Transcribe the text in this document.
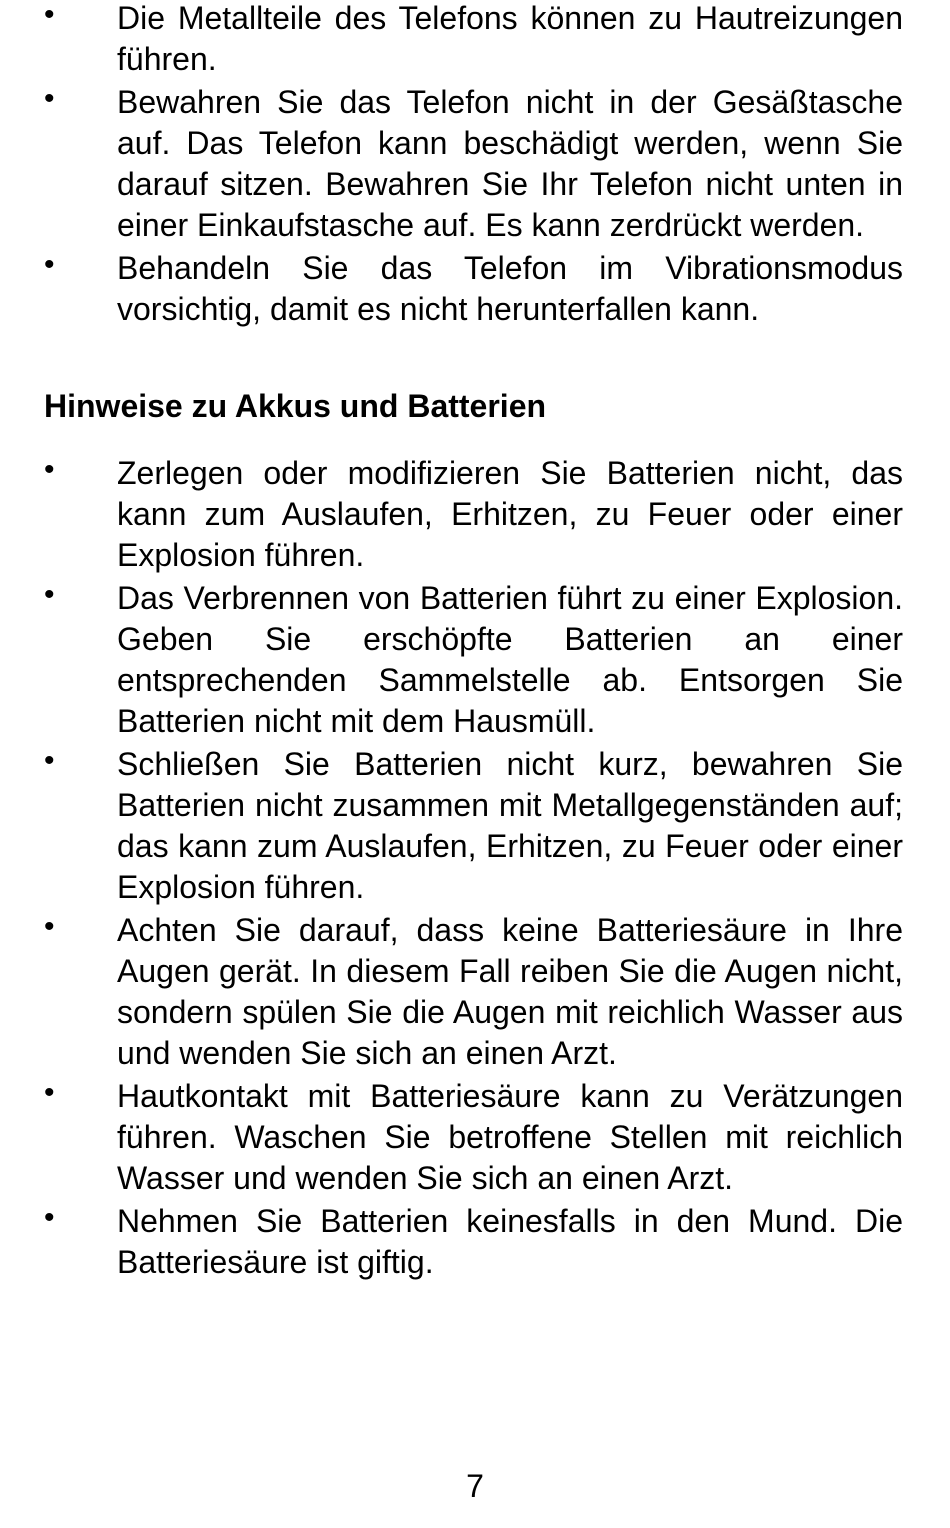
• Die Metallteile des Telefons können zu Hautreizungen führen.
• Bewahren Sie das Telefon nicht in der Gesäßtasche auf. Das Telefon kann beschädigt werden, wenn Sie darauf sitzen. Bewahren Sie Ihr Telefon nicht unten in einer Einkaufstasche auf. Es kann zerdrückt werden.
• Behandeln Sie das Telefon im Vibrationsmodus vorsichtig, damit es nicht herunterfallen kann.
Hinweise zu Akkus und Batterien
• Zerlegen oder modifizieren Sie Batterien nicht, das kann zum Auslaufen, Erhitzen, zu Feuer oder einer Explosion führen.
• Das Verbrennen von Batterien führt zu einer Explosion. Geben Sie erschöpfte Batterien an einer entsprechenden Sammelstelle ab. Entsorgen Sie Batterien nicht mit dem Hausmüll.
• Schließen Sie Batterien nicht kurz, bewahren Sie Batterien nicht zusammen mit Metallgegenständen auf; das kann zum Auslaufen, Erhitzen, zu Feuer oder einer Explosion führen.
• Achten Sie darauf, dass keine Batteriesäure in Ihre Augen gerät. In diesem Fall reiben Sie die Augen nicht, sondern spülen Sie die Augen mit reichlich Wasser aus und wenden Sie sich an einen Arzt.
• Hautkontakt mit Batteriesäure kann zu Verätzungen führen. Waschen Sie betroffene Stellen mit reichlich Wasser und wenden Sie sich an einen Arzt.
• Nehmen Sie Batterien keinesfalls in den Mund. Die Batteriesäure ist giftig.
7
